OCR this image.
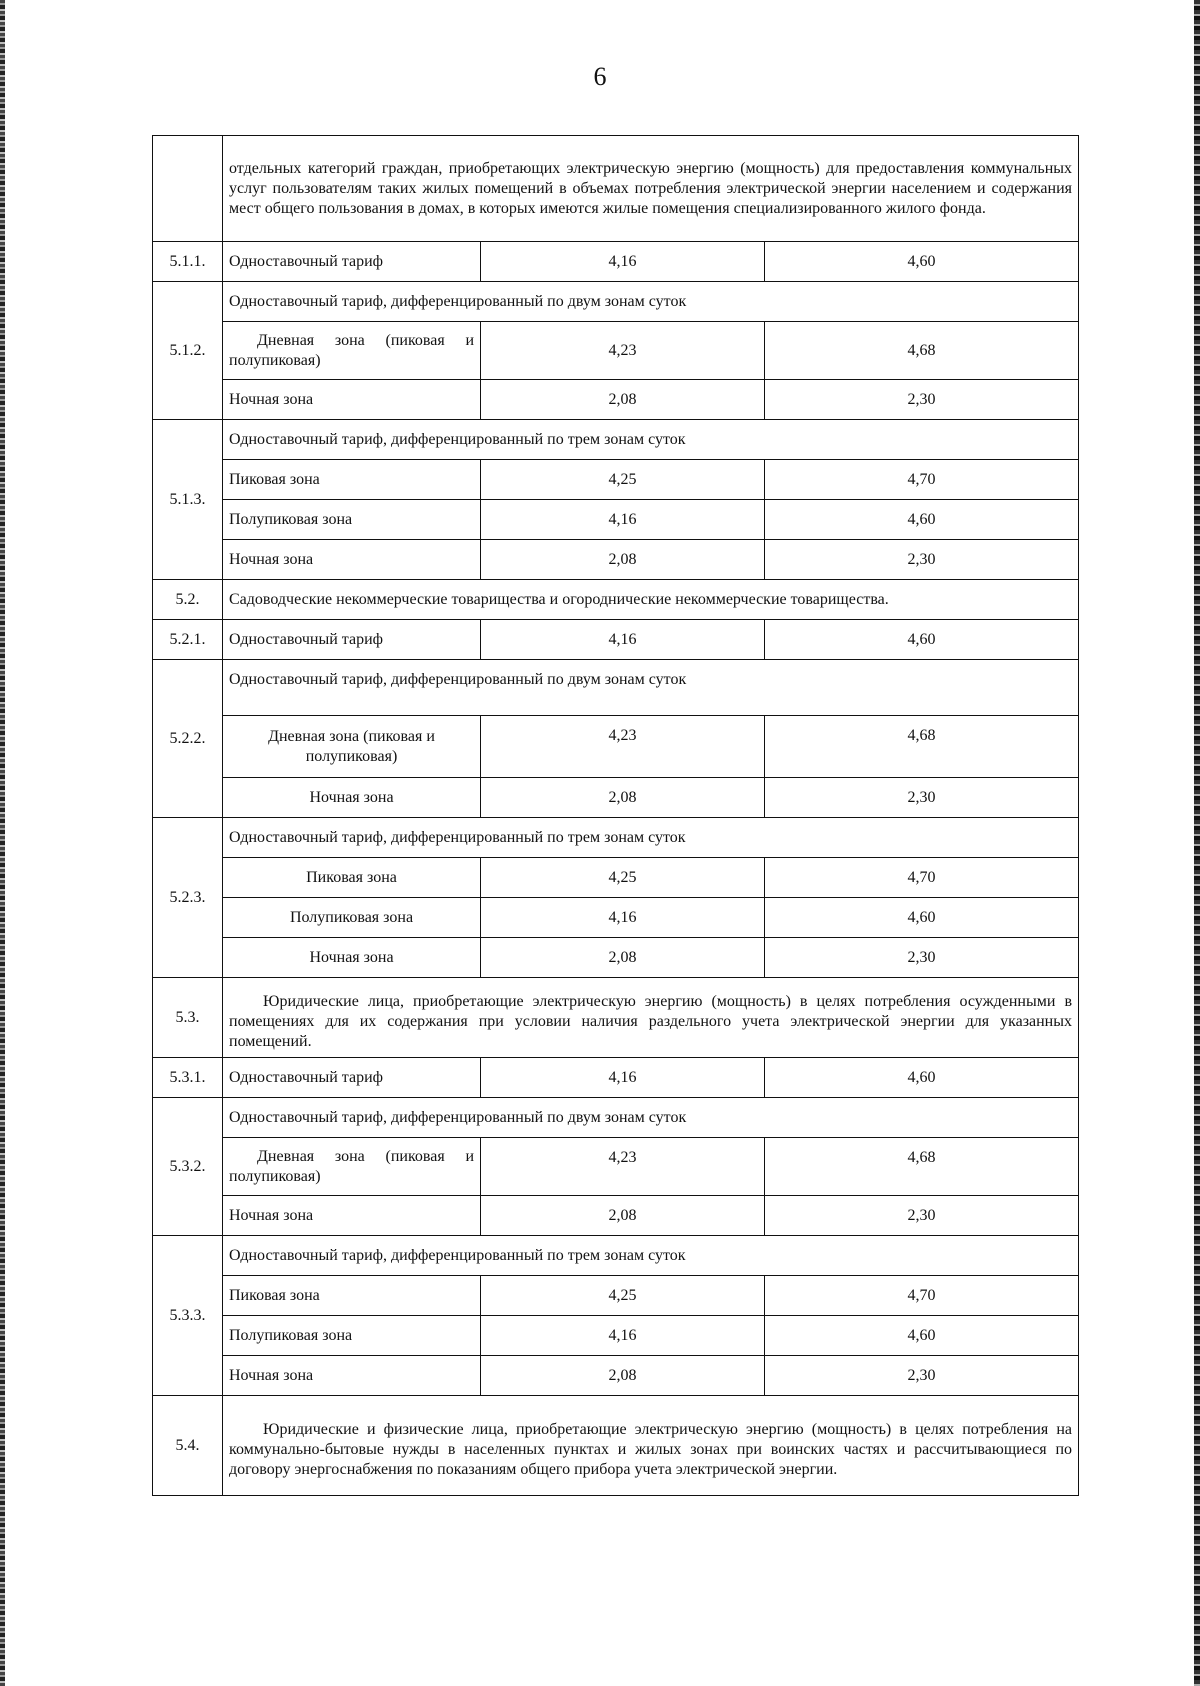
6
	отдельных категорий граждан, приобретающих электрическую энергию (мощность) для предоставления коммунальных услуг пользователям таких жилых помещений в объемах потребления электрической энергии населением и содержания мест общего пользования в домах, в которых имеются жилые помещения специализированного жилого фонда.		
5.1.1.	Одноставочный тариф	4,16	4,60
5.1.2.	Одноставочный тариф, дифференцированный по двум зонам суток		
	Дневная зона (пиковая и полупиковая)	4,23	4,68
	Ночная зона	2,08	2,30
5.1.3.	Одноставочный тариф, дифференцированный по трем зонам суток		
	Пиковая зона	4,25	4,70
	Полупиковая зона	4,16	4,60
	Ночная зона	2,08	2,30
5.2.	Садоводческие некоммерческие товарищества и огороднические некоммерческие товарищества.		
5.2.1.	Одноставочный тариф	4,16	4,60
5.2.2.	Одноставочный тариф, дифференцированный по двум зонам суток		
	Дневная зона (пиковая и полупиковая)	4,23	4,68
	Ночная зона	2,08	2,30
5.2.3.	Одноставочный тариф, дифференцированный по трем зонам суток		
	Пиковая зона	4,25	4,70
	Полупиковая зона	4,16	4,60
	Ночная зона	2,08	2,30
5.3.	Юридические лица, приобретающие электрическую энергию (мощность) в целях потребления осужденными в помещениях для их содержания при условии наличия раздельного учета электрической энергии для указанных помещений.		
5.3.1.	Одноставочный тариф	4,16	4,60
5.3.2.	Одноставочный тариф, дифференцированный по двум зонам суток		
	Дневная зона (пиковая и полупиковая)	4,23	4,68
	Ночная зона	2,08	2,30
5.3.3.	Одноставочный тариф, дифференцированный по трем зонам суток		
	Пиковая зона	4,25	4,70
	Полупиковая зона	4,16	4,60
	Ночная зона	2,08	2,30
5.4.	Юридические и физические лица, приобретающие электрическую энергию (мощность) в целях потребления на коммунально-бытовые нужды в населенных пунктах и жилых зонах при воинских частях и рассчитывающиеся по договору энергоснабжения по показаниям общего прибора учета электрической энергии.		
